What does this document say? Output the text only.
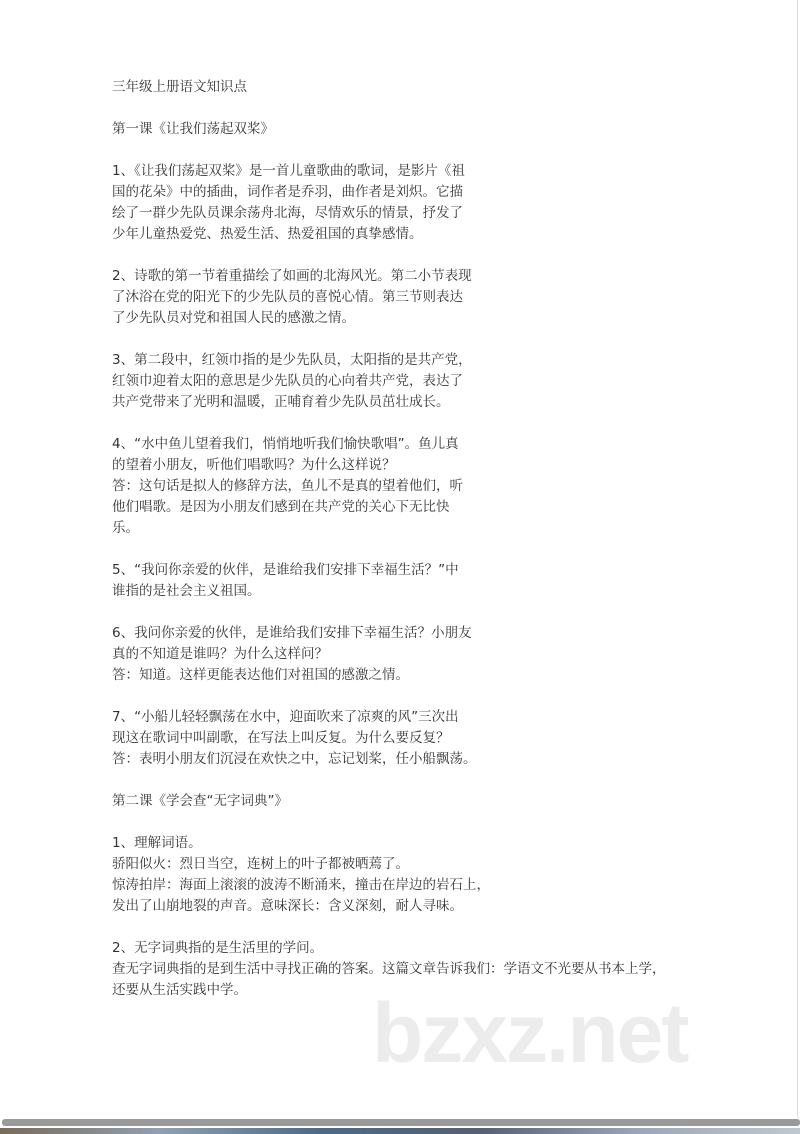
三年级上册语文知识点
第一课《让我们荡起双桨》
1、《让我们荡起双桨》是一首儿童歌曲的歌词，是影片《祖
国的花朵》中的插曲，词作者是乔羽，曲作者是刘炽。它描
绘了一群少先队员课余荡舟北海，尽情欢乐的情景，抒发了
少年儿童热爱党、热爱生活、热爱祖国的真挚感情。
2、诗歌的第一节着重描绘了如画的北海风光。第二小节表现
了沐浴在党的阳光下的少先队员的喜悦心情。第三节则表达
了少先队员对党和祖国人民的感激之情。
3、第二段中，红领巾指的是少先队员，太阳指的是共产党，
红领巾迎着太阳的意思是少先队员的心向着共产党，表达了
共产党带来了光明和温暖，正哺育着少先队员茁壮成长。
4、“水中鱼儿望着我们，悄悄地听我们愉快歌唱”。鱼儿真
的望着小朋友，听他们唱歌吗？为什么这样说？
答：这句话是拟人的修辞方法，鱼儿不是真的望着他们，听
他们唱歌。是因为小朋友们感到在共产党的关心下无比快
乐。
5、“我问你亲爱的伙伴，是谁给我们安排下幸福生活？”中
谁指的是社会主义祖国。
6、我问你亲爱的伙伴，是谁给我们安排下幸福生活？小朋友
真的不知道是谁吗？为什么这样问？
答：知道。这样更能表达他们对祖国的感激之情。
7、“小船儿轻轻飘荡在水中，迎面吹来了凉爽的风”三次出
现这在歌词中叫副歌，在写法上叫反复。为什么要反复？
答：表明小朋友们沉浸在欢快之中，忘记划桨，任小船飘荡。
第二课《学会查“无字词典”》
1、理解词语。
骄阳似火：烈日当空，连树上的叶子都被晒蔫了。
惊涛拍岸：海面上滚滚的波涛不断涌来，撞击在岸边的岩石上，
发出了山崩地裂的声音。意味深长：含义深刻，耐人寻味。
2、无字词典指的是生活里的学问。
查无字词典指的是到生活中寻找正确的答案。这篇文章告诉我们：学语文不光要从书本上学，
还要从生活实践中学。	bzxz.net
